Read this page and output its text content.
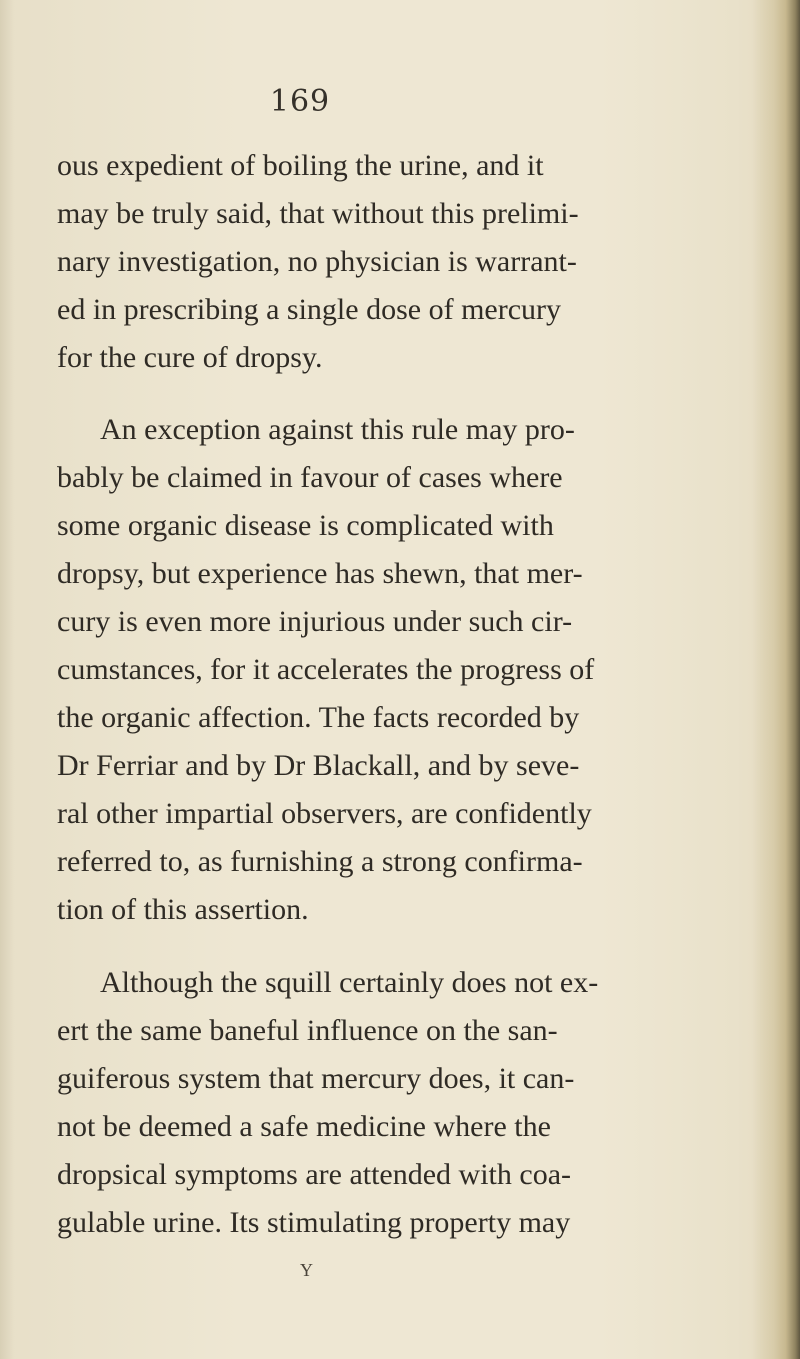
169
ous expedient of boiling the urine, and it
may be truly said, that without this prelimi-
nary investigation, no physician is warrant-
ed in prescribing a single dose of mercury
for the cure of dropsy.
An exception against this rule may pro-
bably be claimed in favour of cases where
some organic disease is complicated with
dropsy, but experience has shewn, that mer-
cury is even more injurious under such cir-
cumstances, for it accelerates the progress of
the organic affection. The facts recorded by
Dr Ferriar and by Dr Blackall, and by seve-
ral other impartial observers, are confidently
referred to, as furnishing a strong confirma-
tion of this assertion.
Although the squill certainly does not ex-
ert the same baneful influence on the san-
guiferous system that mercury does, it can-
not be deemed a safe medicine where the
dropsical symptoms are attended with coa-
gulable urine. Its stimulating property may
Y
